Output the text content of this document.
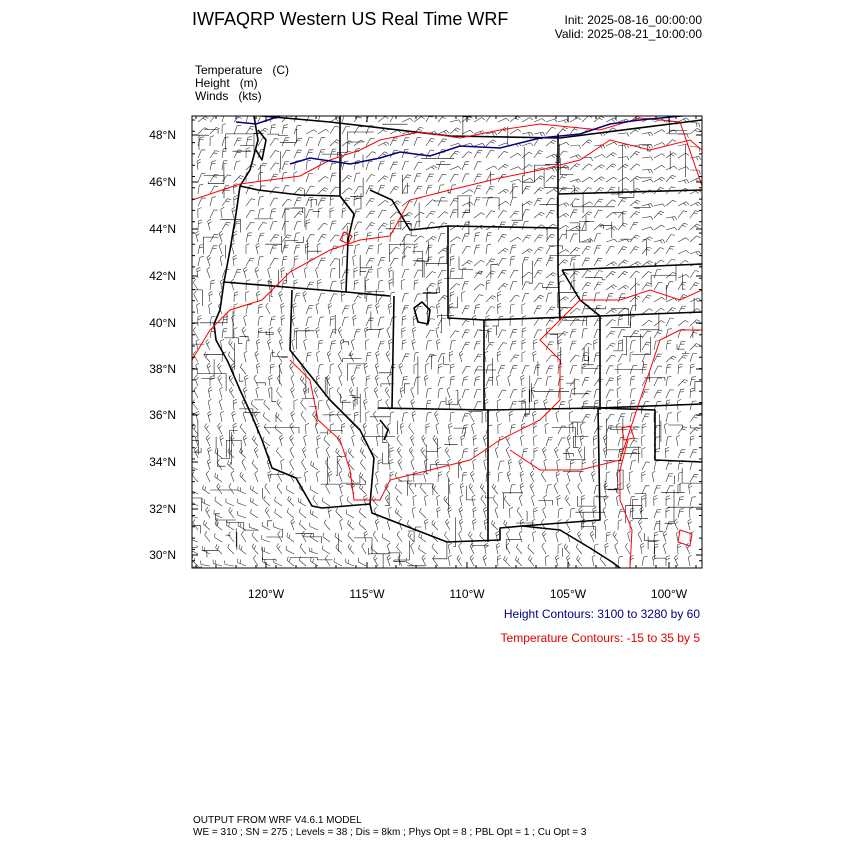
IWFAQRP Western US Real Time WRF	Init: 2025-08-16_00:00:00
Valid: 2025-08-21_10:00:00
Temperature   (C)
Height   (m)
Winds   (kts)
48°N
46°N
44°N
42°N
40°N
38°N
36°N
34°N
32°N
30°N
120°W	115°W	110°W	105°W	100°W
Height Contours: 3100 to 3280 by 60
Temperature Contours: -15 to 35 by 5
OUTPUT FROM WRF V4.6.1 MODEL
WE = 310 ; SN = 275 ; Levels = 38 ; Dis = 8km ; Phys Opt = 8 ; PBL Opt = 1 ; Cu Opt = 3
